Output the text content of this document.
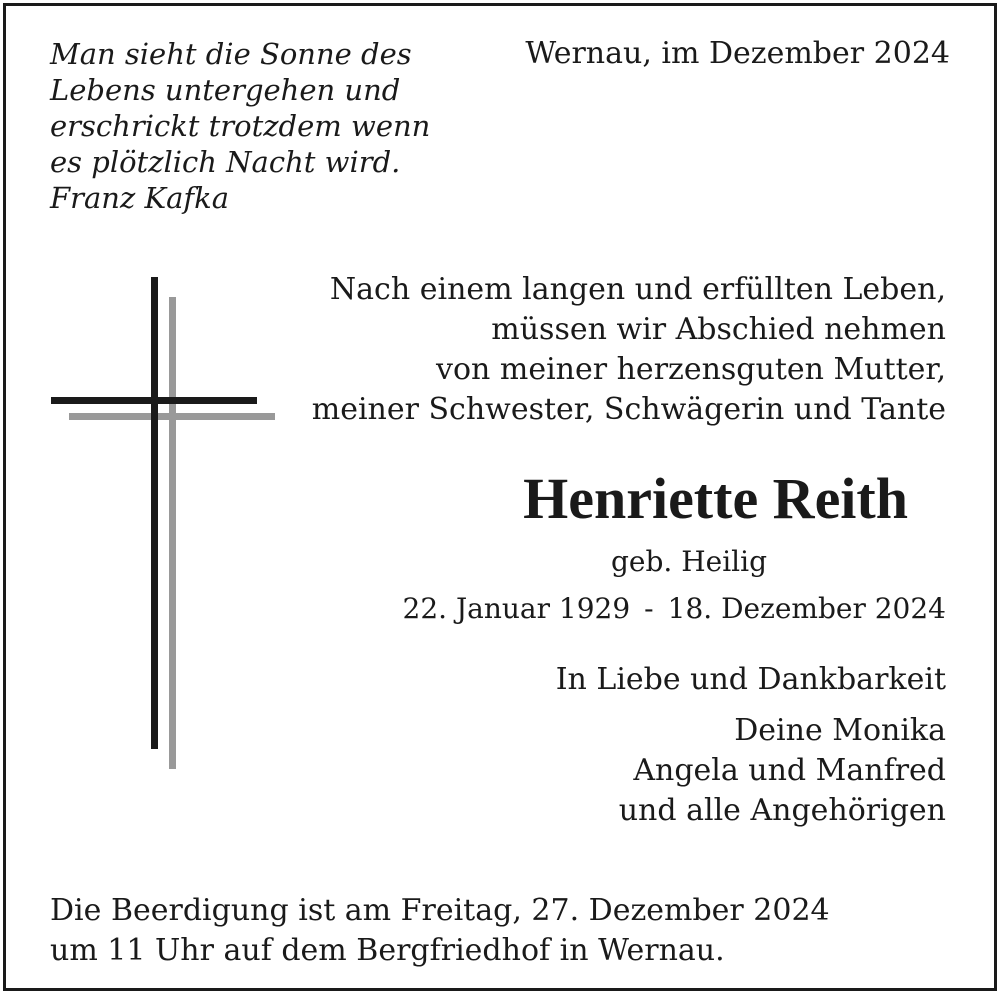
Man sieht die Sonne des
Lebens untergehen und
erschrickt trotzdem wenn
es plötzlich Nacht wird.
Franz Kafka

Wernau, im Dezember 2024
Nach einem langen und erfüllten Leben,
müssen wir Abschied nehmen
von meiner herzensguten Mutter,
meiner Schwester, Schwägerin und Tante
Henriette Reith
geb. Heilig
22. Januar 1929 - 18. Dezember 2024
In Liebe und Dankbarkeit
Deine Monika
Angela und Manfred
und alle Angehörigen
Die Beerdigung ist am Freitag, 27. Dezember 2024
um 11 Uhr auf dem Bergfriedhof in Wernau.
